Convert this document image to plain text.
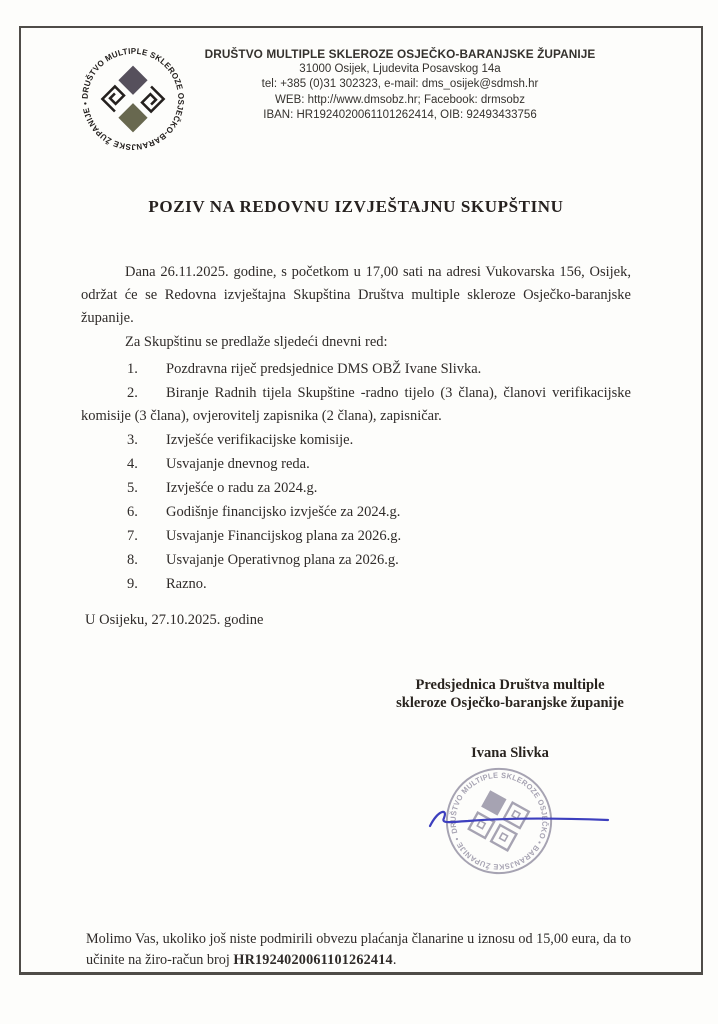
DRUŠTVO MULTIPLE SKLEROZE OSJEČKO-BARANJSKE ŽUPANIJE •
DRUŠTVO MULTIPLE SKLEROZE OSJEČKO-BARANJSKE ŽUPANIJE
31000 Osijek, Ljudevita Posavskog 14a
tel: +385 (0)31 302323, e-mail: dms_osijek@sdmsh.hr
WEB: http://www.dmsobz.hr; Facebook: drmsobz
IBAN: HR1924020061101262414, OIB: 92493433756
POZIV NA REDOVNU IZVJEŠTAJNU SKUPŠTINU

Dana 26.11.2025. godine, s početkom u 17,00 sati na adresi Vukovarska 156, Osijek, održat će se Redovna izvještajna Skupština Društva multiple skleroze Osječko-baranjske županije.

Za Skupštinu se predlaže sljedeći dnevni red:

1. Pozdravna riječ predsjednice DMS OBŽ Ivane Slivka.

2. Biranje Radnih tijela Skupštine -radno tijelo (3 člana), članovi verifikacijske komisije (3 člana), ovjerovitelj zapisnika (2 člana), zapisničar.

3. Izvješće verifikacijske komisije.

4. Usvajanje dnevnog reda.

5. Izvješće o radu za 2024.g.

6. Godišnje financijsko izvješće za 2024.g.

7. Usvajanje Financijskog plana za 2026.g.

8. Usvajanje Operativnog plana za 2026.g.

9. Razno.

U Osijeku, 27.10.2025. godine
Predsjednica Društva multiple
skleroze Osječko-baranjske županije
Ivana Slivka
DRUŠTVO MULTIPLE SKLEROZE OSJEČKO • BARANJSKE ŽUPANIJE •

Molimo Vas, ukoliko još niste podmirili obvezu plaćanja članarine u iznosu od 15,00 eura, da to učinite na žiro-račun broj HR1924020061101262414.
